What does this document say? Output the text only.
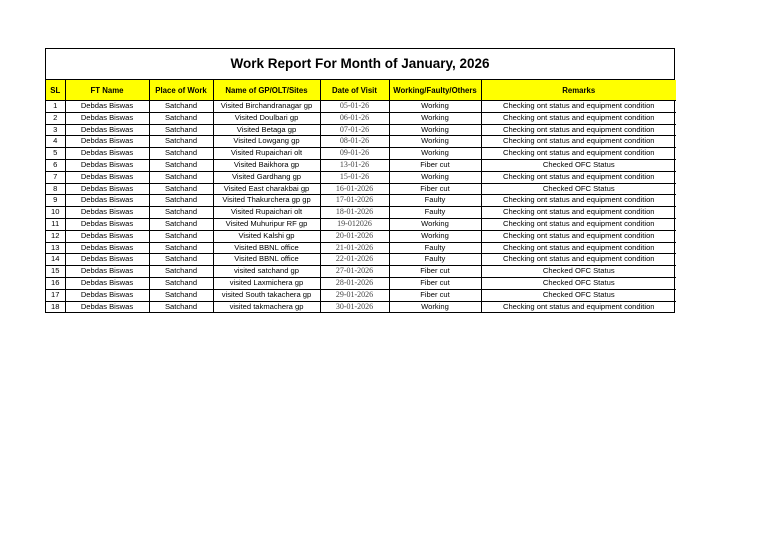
Work Report For Month of January, 2026
SL	FT Name	Place of Work	Name of GP/OLT/Sites	Date of Visit	Working/Faulty/Others	Remarks
1	Debdas Biswas	Satchand	Visited Birchandranagar gp	05-01-26	Working	Checking ont status and equipment condition
2	Debdas Biswas	Satchand	Visited Doulbari gp	06-01-26	Working	Checking ont status and equipment condition
3	Debdas Biswas	Satchand	Visited Betaga gp	07-01-26	Working	Checking ont status and equipment condition
4	Debdas Biswas	Satchand	Visited Lowgang gp	08-01-26	Working	Checking ont status and equipment condition
5	Debdas Biswas	Satchand	Visited Rupaichari olt	09-01-26	Working	Checking ont status and equipment condition
6	Debdas Biswas	Satchand	Visited Baikhora gp	13-01-26	Fiber cut	Checked OFC Status
7	Debdas Biswas	Satchand	Visited Gardhang gp	15-01-26	Working	Checking ont status and equipment condition
8	Debdas Biswas	Satchand	Visited East charakbai gp	16-01-2026	Fiber cut	Checked OFC Status
9	Debdas Biswas	Satchand	Visited Thakurchera gp gp	17-01-2026	Faulty	Checking ont status and equipment condition
10	Debdas Biswas	Satchand	Visited Rupaichari olt	18-01-2026	Faulty	Checking ont status and equipment condition
11	Debdas Biswas	Satchand	Visited Muhuripur RF gp	19-012026	Working	Checking ont status and equipment condition
12	Debdas Biswas	Satchand	Visited Kalshi gp	20-01-2026	Working	Checking ont status and equipment condition
13	Debdas Biswas	Satchand	Visited BBNL office	21-01-2026	Faulty	Checking ont status and equipment condition
14	Debdas Biswas	Satchand	Visited BBNL office	22-01-2026	Faulty	Checking ont status and equipment condition
15	Debdas Biswas	Satchand	visited satchand gp	27-01-2026	Fiber cut	Checked OFC Status
16	Debdas Biswas	Satchand	visited Laxmichera gp	28-01-2026	Fiber cut	Checked OFC Status
17	Debdas Biswas	Satchand	visited South takachera gp	29-01-2026	Fiber cut	Checked OFC Status
18	Debdas Biswas	Satchand	visited takmachera gp	30-01-2026	Working	Checking ont status and equipment condition
